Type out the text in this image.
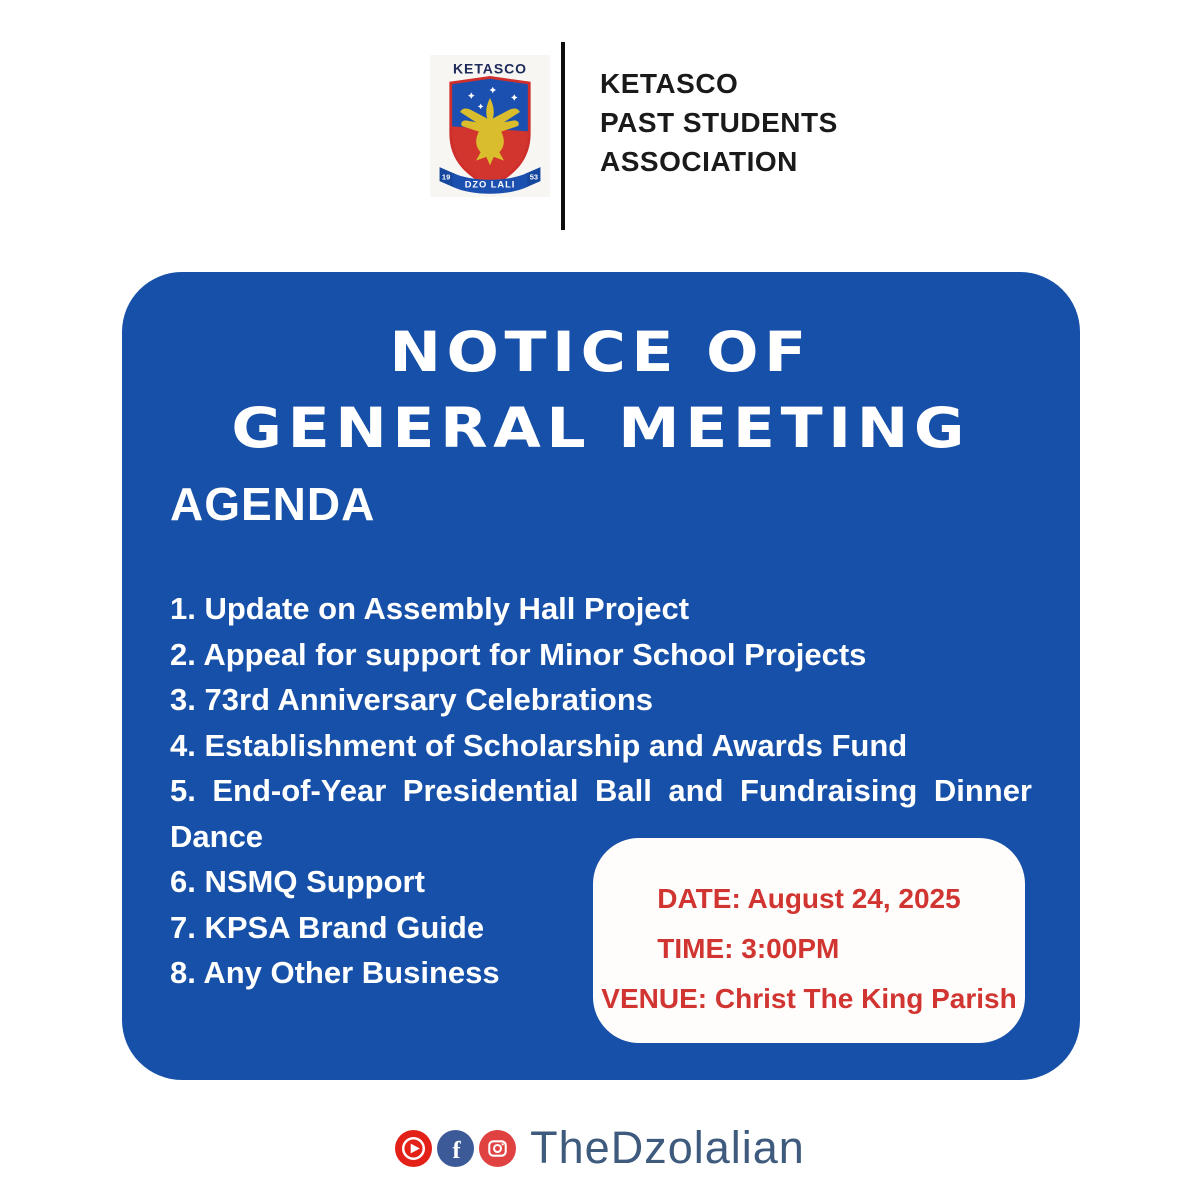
KETASCO
19	53
DZO LALI
KETASCO
PAST STUDENTS
ASSOCIATION
NOTICE OF
GENERAL MEETING
AGENDA
1. Update on Assembly Hall Project
2. Appeal for support for Minor School Projects
3. 73rd Anniversary Celebrations
4. Establishment of Scholarship and Awards Fund
5. End-of-Year Presidential Ball and Fundraising Dinner Dance
6. NSMQ Support
7. KPSA Brand Guide
8. Any Other Business
DATE: August 24, 2025
TIME: 3:00PM
VENUE: Christ The King Parish
f TheDzolalian
